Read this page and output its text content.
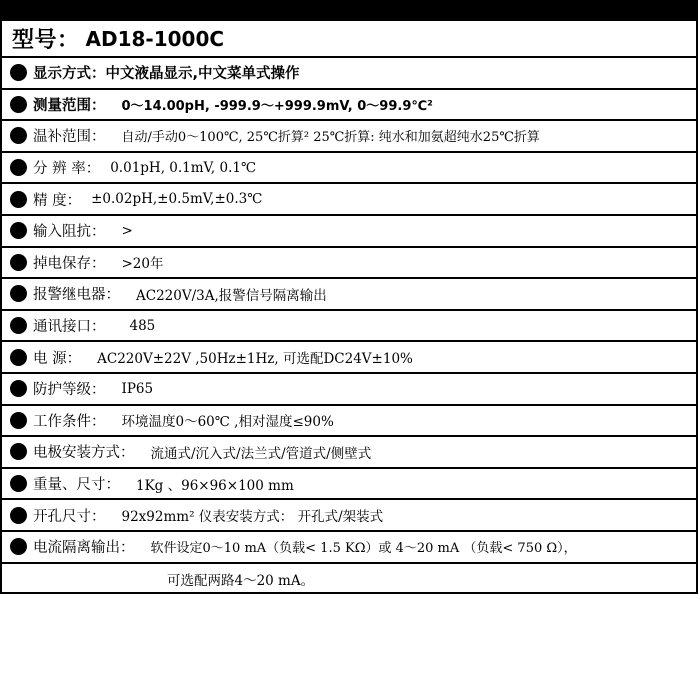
型号： AD18-1000C
显示方式： 中文液晶显示,中文菜单式操作
测量范围： 0～14.00pH, -999.9～+999.9mV, 0～99.9℃²
温补范围： 自动/手动0～100℃, 25℃折算² 25℃折算: 纯水和加氨超纯水25℃折算
分 辨 率： 0.01pH, 0.1mV, 0.1℃
精 度： ±0.02pH,±0.5mV,±0.3℃
输入阻抗： >
掉电保存： >20年
报警继电器： AC220V/3A,报警信号隔离输出
通讯接口： 485
电 源： AC220V±22V ,50Hz±1Hz, 可选配DC24V±10%
防护等级： IP65
工作条件： 环境温度0～60℃ ,相对湿度≤90%
电极安装方式： 流通式/沉入式/法兰式/管道式/侧壁式
重量、尺寸： 1Kg 、96×96×100 mm
开孔尺寸： 92x92mm² 仪表安装方式： 开孔式/架装式
电流隔离输出： 软件设定0～10 mA（负载< 1.5 KΩ）或 4～20 mA （负载< 750 Ω），
可选配两路4～20 mA。
